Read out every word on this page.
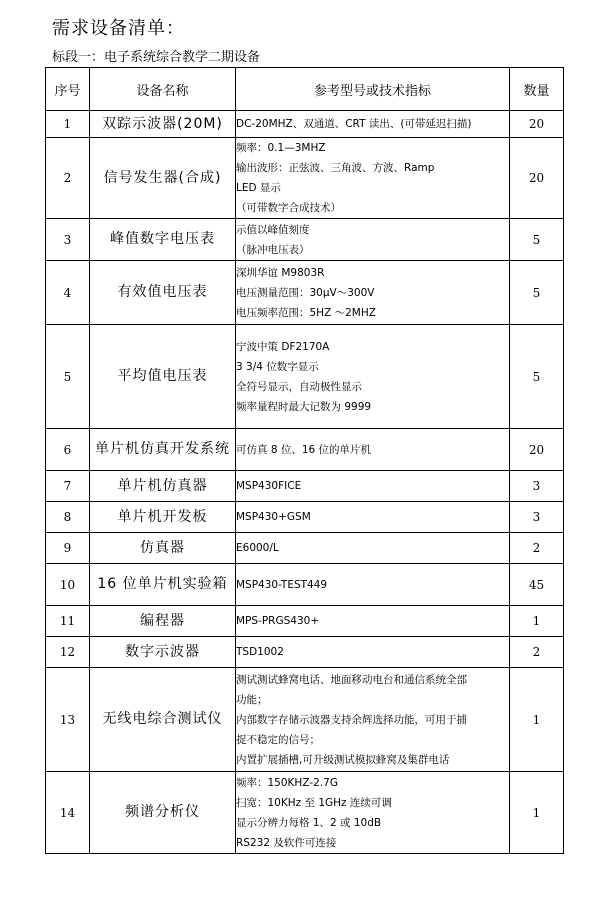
需求设备清单：
标段一：电子系统综合教学二期设备
序号	设备名称	参考型号或技术指标	数量
1	双踪示波器(20M)	DC-20MHZ、双通道、CRT 读出、(可带延迟扫描)	20
2	信号发生器(合成)	频率：0.1—3MHZ
输出波形：正弦波、三角波、方波、Ramp
LED 显示
（可带数字合成技术）	20
3	峰值数字电压表	示值以峰值刻度
（脉冲电压表）	5
4	有效值电压表	深圳华谊 M9803R
电压测量范围：30μV～300V
电压频率范围：5HZ ～2MHZ	5
5	平均值电压表	宁波中策 DF2170A
3 3/4 位数字显示
全符号显示，自动极性显示
频率量程时最大记数为 9999	5
6	单片机仿真开发系统	可仿真 8 位、16 位的单片机	20
7	单片机仿真器	MSP430FICE	3
8	单片机开发板	MSP430+GSM	3
9	仿真器	E6000/L	2
10	16 位单片机实验箱	MSP430-TEST449	45
11	编程器	MPS-PRGS430+	1
12	数字示波器	TSD1002	2
13	无线电综合测试仪	测试测试蜂窝电话、地面移动电台和通信系统全部
功能；
内部数字存储示波器支持余辉选择功能，可用于捕
捉不稳定的信号；
内置扩展插槽,可升级测试模拟蜂窝及集群电话	1
14	频谱分析仪	频率：150KHZ-2.7G
扫宽：10KHz 至 1GHz 连续可调
显示分辨力每格 1、2 或 10dB
RS232 及软件可连接	1
